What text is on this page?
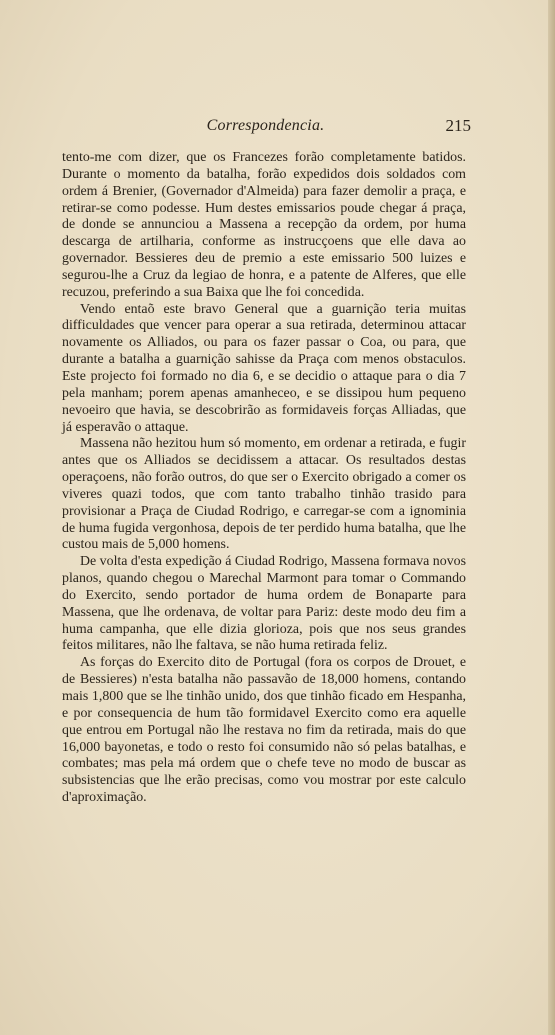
Correspondencia.	215

tento-me com dizer, que os Francezes forão completamente batidos. Durante o momento da batalha, forão expedidos dois soldados com ordem á Brenier, (Governador d'Almeida) para fazer demolir a praça, e retirar-se como podesse. Hum destes emissarios poude chegar á praça, de donde se annunciou a Massena a recepção da ordem, por huma descarga de artilharia, conforme as instrucçoens que elle dava ao governador. Bessieres deu de premio a este emissario 500 luizes e segurou-lhe a Cruz da legiao de honra, e a patente de Alferes, que elle recuzou, preferindo a sua Baixa que lhe foi concedida.

Vendo entaõ este bravo General que a guarnição teria muitas difficuldades que vencer para operar a sua retirada, determinou attacar novamente os Alliados, ou para os fazer passar o Coa, ou para, que durante a batalha a guarnição sahisse da Praça com menos obstaculos. Este projecto foi formado no dia 6, e se decidio o attaque para o dia 7 pela manham; porem apenas amanheceo, e se dissipou hum pequeno nevoeiro que havia, se descobrirão as formidaveis forças Alliadas, que já esperavão o attaque.

Massena não hezitou hum só momento, em ordenar a retirada, e fugir antes que os Alliados se decidissem a attacar. Os resultados destas operaçoens, não forão outros, do que ser o Exercito obrigado a comer os viveres quazi todos, que com tanto trabalho tinhão trasido para provisionar a Praça de Ciudad Rodrigo, e carregar-se com a ignominia de huma fugida vergonhosa, depois de ter perdido huma batalha, que lhe custou mais de 5,000 homens.

De volta d'esta expedição á Ciudad Rodrigo, Massena formava novos planos, quando chegou o Marechal Marmont para tomar o Commando do Exercito, sendo portador de huma ordem de Bonaparte para Massena, que lhe ordenava, de voltar para Pariz: deste modo deu fim a huma campanha, que elle dizia glorioza, pois que nos seus grandes feitos militares, não lhe faltava, se não huma retirada feliz.

As forças do Exercito dito de Portugal (fora os corpos de Drouet, e de Bessieres) n'esta batalha não passavão de 18,000 homens, contando mais 1,800 que se lhe tinhão unido, dos que tinhão ficado em Hespanha, e por consequencia de hum tão formidavel Exercito como era aquelle que entrou em Portugal não lhe restava no fim da retirada, mais do que 16,000 bayonetas, e todo o resto foi consumido não só pelas batalhas, e combates; mas pela má ordem que o chefe teve no modo de buscar as subsistencias que lhe erão precisas, como vou mostrar por este calculo d'aproximação.
